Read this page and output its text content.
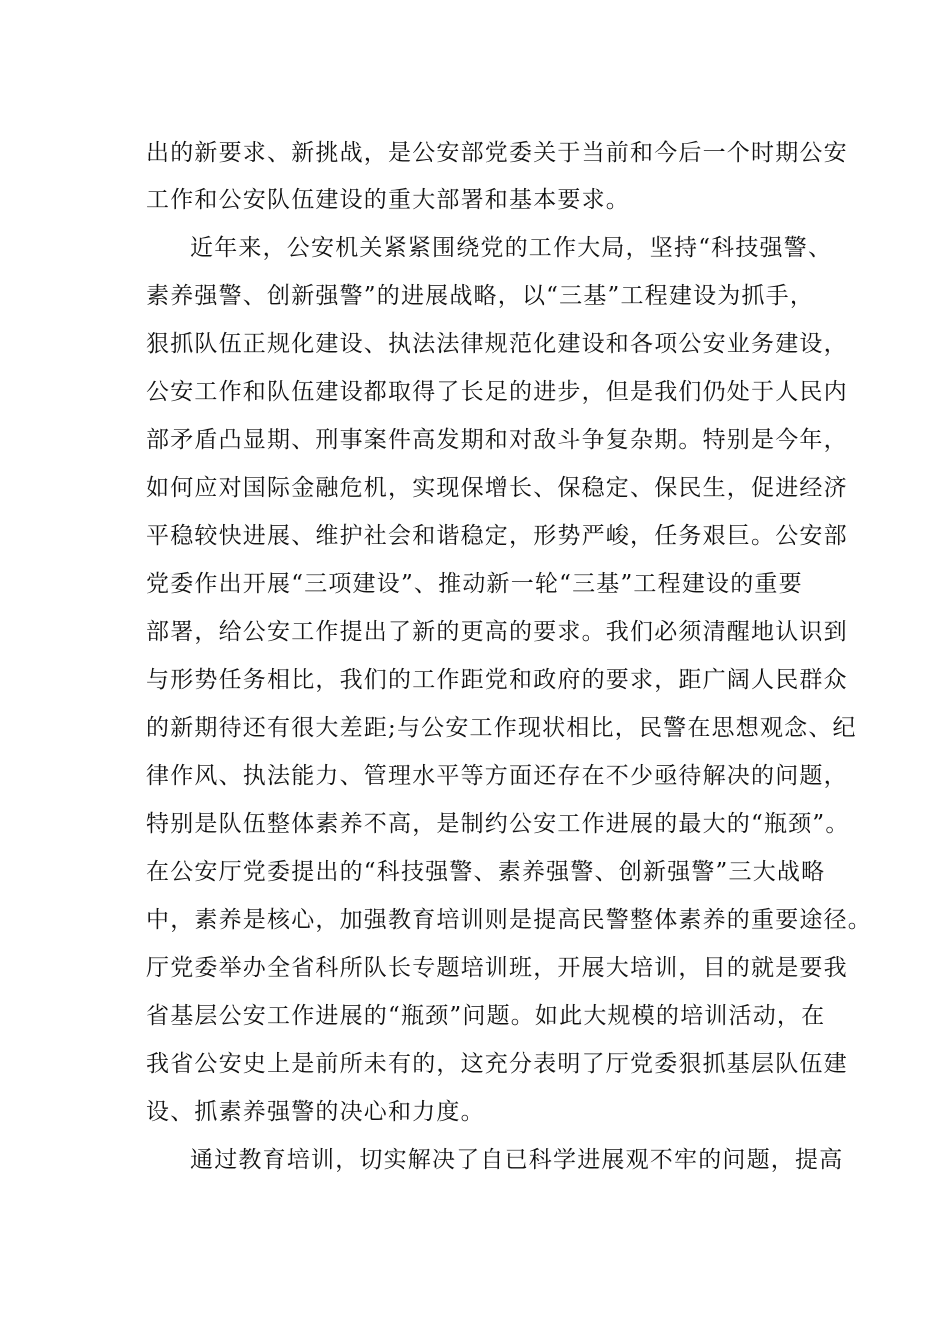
出的新要求、新挑战，是公安部党委关于当前和今后一个时期公安
工作和公安队伍建设的重大部署和基本要求。
近年来，公安机关紧紧围绕党的工作大局，坚持“科技强警、
素养强警、创新强警”的进展战略，以“三基”工程建设为抓手，
狠抓队伍正规化建设、执法法律规范化建设和各项公安业务建设，
公安工作和队伍建设都取得了长足的进步，但是我们仍处于人民内
部矛盾凸显期、刑事案件高发期和对敌斗争复杂期。特别是今年，
如何应对国际金融危机，实现保增长、保稳定、保民生，促进经济
平稳较快进展、维护社会和谐稳定，形势严峻，任务艰巨。公安部
党委作出开展“三项建设”、推动新一轮“三基”工程建设的重要
部署，给公安工作提出了新的更高的要求。我们必须清醒地认识到
与形势任务相比，我们的工作距党和政府的要求，距广阔人民群众
的新期待还有很大差距;与公安工作现状相比，民警在思想观念、纪
律作风、执法能力、管理水平等方面还存在不少亟待解决的问题，
特别是队伍整体素养不高，是制约公安工作进展的最大的“瓶颈”。
在公安厅党委提出的“科技强警、素养强警、创新强警”三大战略
中，素养是核心，加强教育培训则是提高民警整体素养的重要途径。
厅党委举办全省科所队长专题培训班，开展大培训，目的就是要我
省基层公安工作进展的“瓶颈”问题。如此大规模的培训活动，在
我省公安史上是前所未有的，这充分表明了厅党委狠抓基层队伍建
设、抓素养强警的决心和力度。
通过教育培训，切实解决了自已科学进展观不牢的问题，提高
